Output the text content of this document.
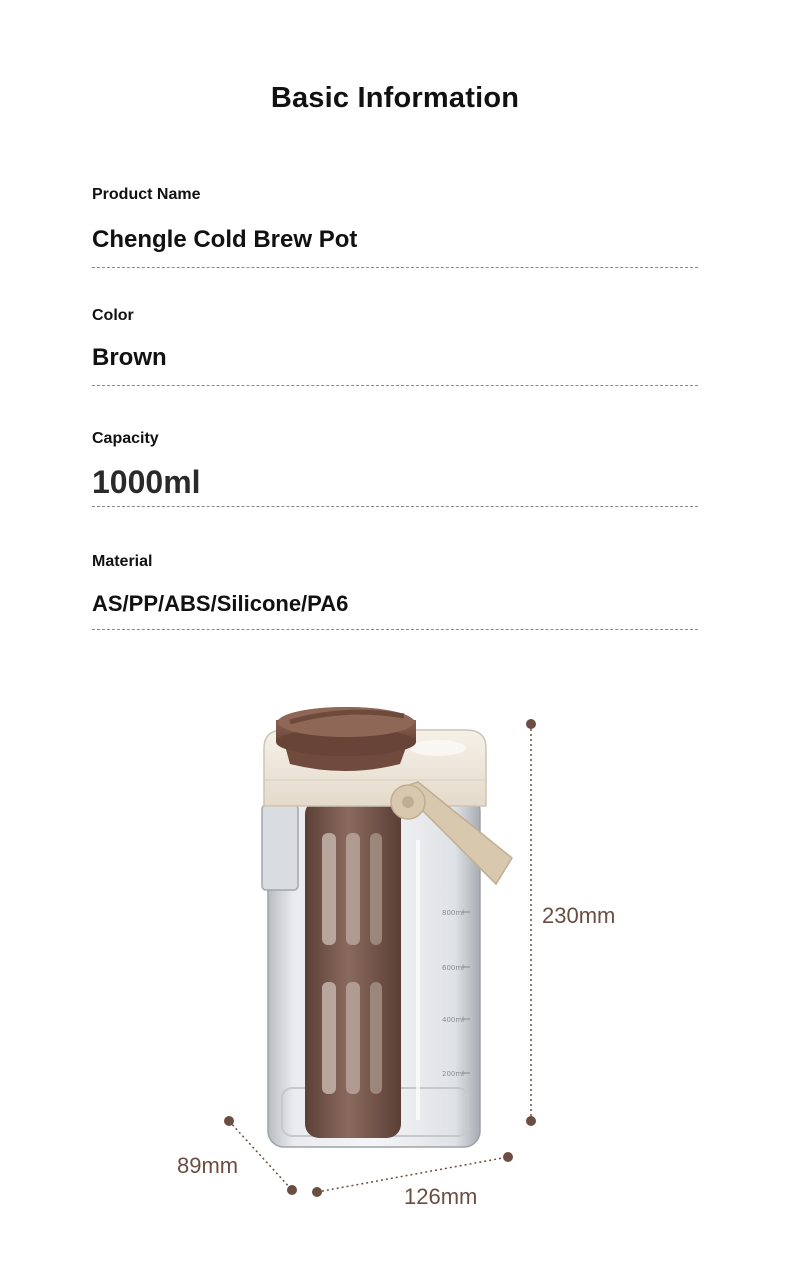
Basic Information
Product Name
Chengle Cold Brew Pot
Color
Brown
Capacity
1000ml
Material
AS/PP/ABS/Silicone/PA6
800ml
600ml
400ml
200ml
230mm
89mm
126mm
